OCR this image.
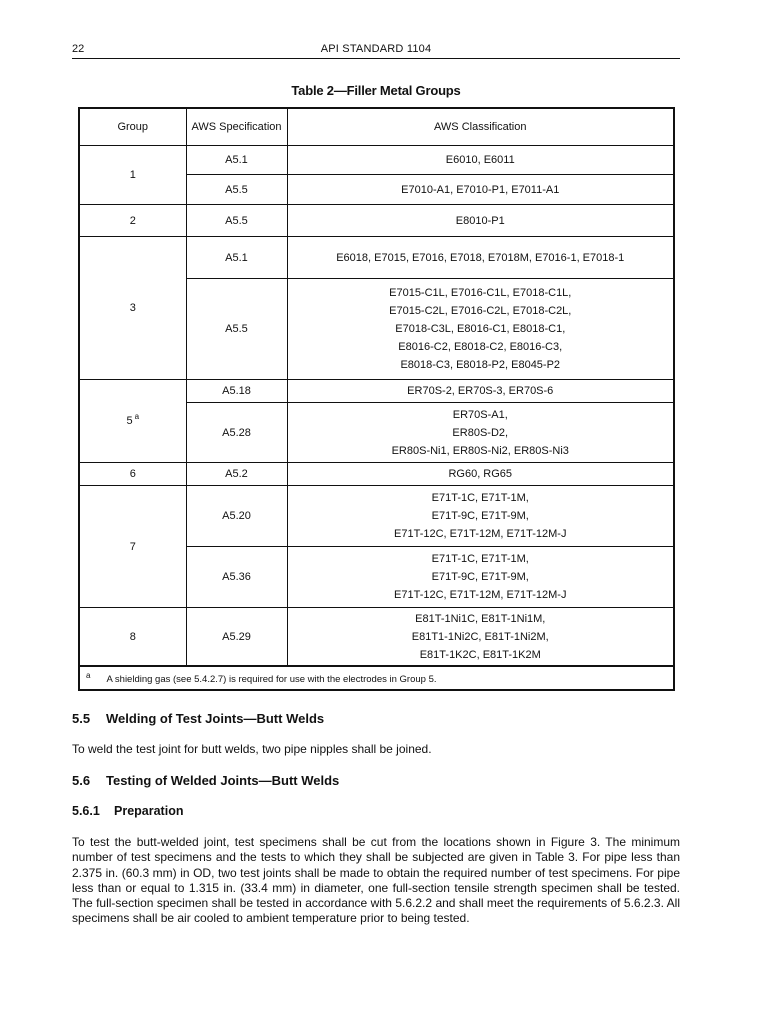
22	API STANDARD 1104
Table 2—Filler Metal Groups
Group	AWS Specification	AWS Classification
1	A5.1	E6010, E6011

	A5.5	E7010-A1, E7010-P1, E7011-A1

2	A5.5	E8010-P1

3	A5.1	E6018, E7015, E7016, E7018, E7018M, E7016-1, E7018-1

	A5.5	E7015-C1L, E7016-C1L, E7018-C1L,
E7015-C2L, E7016-C2L, E7018-C2L,
E7018-C3L, E8016-C1, E8018-C1,
E8016-C2, E8018-C2, E8016-C3,
E8018-C3, E8018-P2, E8045-P2

5 $^a$	A5.18	ER70S-2, ER70S-3, ER70S-6

	A5.28	ER70S-A1,
ER80S-D2,
ER80S-Ni1, ER80S-Ni2, ER80S-Ni3

6	A5.2	RG60, RG65

7	A5.20	E71T-1C, E71T-1M,
E71T-9C, E71T-9M,
E71T-12C, E71T-12M, E71T-12M-J

	A5.36	E71T-1C, E71T-1M,
E71T-9C, E71T-9M,
E71T-12C, E71T-12M, E71T-12M-J

8	A5.29	E81T-1Ni1C, E81T-1Ni1M,
E81T1-1Ni2C, E81T-1Ni2M,
E81T-1K2C, E81T-1K2M

$^a$ A shielding gas (see 5.4.2.7) is required for use with the electrodes in Group 5.		
5.5 Welding of Test Joints—Butt Welds
To weld the test joint for butt welds, two pipe nipples shall be joined.
5.6 Testing of Welded Joints—Butt Welds
5.6.1 Preparation
To test the butt-welded joint, test specimens shall be cut from the locations shown in Figure 3. The minimum number of test specimens and the tests to which they shall be subjected are given in Table 3. For pipe less than 2.375 in. (60.3 mm) in OD, two test joints shall be made to obtain the required number of test specimens. For pipe less than or equal to 1.315 in. (33.4 mm) in diameter, one full-section tensile strength specimen shall be tested. The full-section specimen shall be tested in accordance with 5.6.2.2 and shall meet the requirements of 5.6.2.3. All specimens shall be air cooled to ambient temperature prior to being tested.
